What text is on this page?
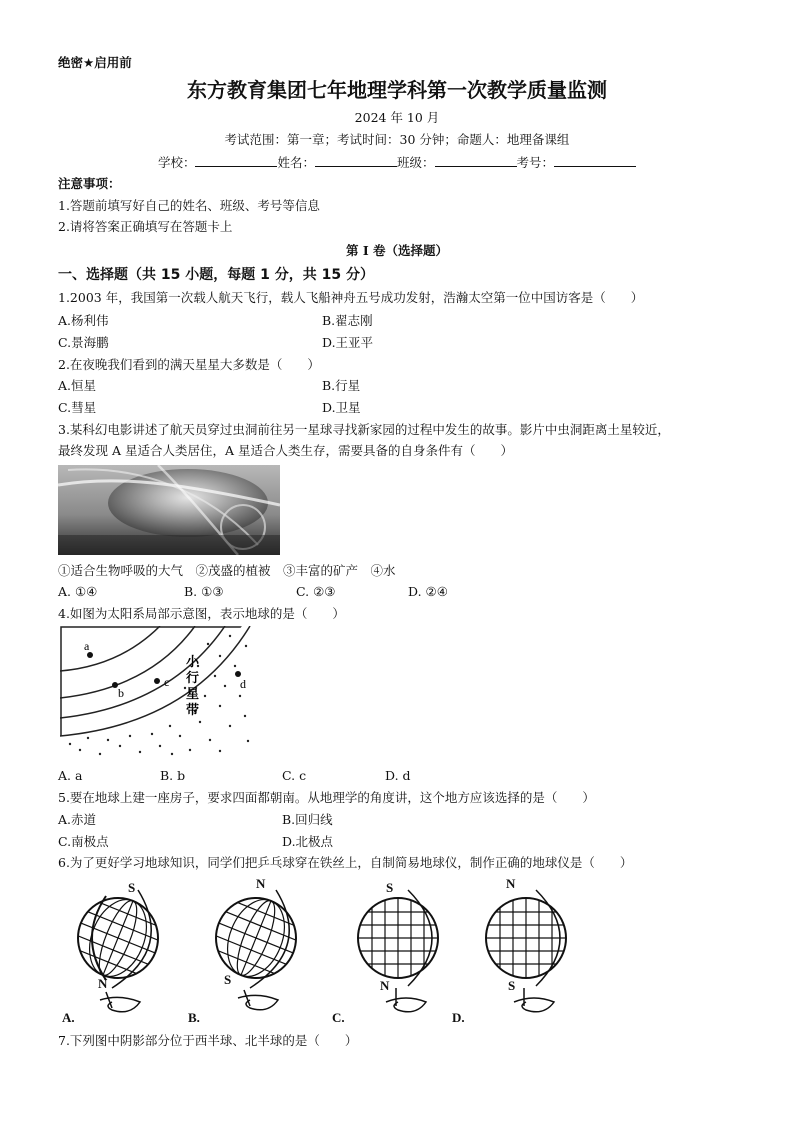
绝密★启用前
东方教育集团七年地理学科第一次教学质量监测
2024 年 10 月
考试范围：第一章；考试时间：30 分钟；命题人：地理备课组
学校：	姓名：	班级：	考号：
注意事项：
1.答题前填写好自己的姓名、班级、考号等信息
2.请将答案正确填写在答题卡上
第 I 卷（选择题）
一、选择题（共 15 小题，每题 1 分，共 15 分）
1.2003 年，我国第一次载人航天飞行，载人飞船神舟五号成功发射，浩瀚太空第一位中国访客是（　　）
A.杨利伟	B.翟志刚
C.景海鹏	D.王亚平
2.在夜晚我们看到的满天星星大多数是（　　）
A.恒星	B.行星
C.彗星	D.卫星
3.某科幻电影讲述了航天员穿过虫洞前往另一星球寻找新家园的过程中发生的故事。影片中虫洞距离土星较近，
最终发现 A 星适合人类居住，A 星适合人类生存，需要具备的自身条件有（　　）
①适合生物呼吸的大气　②茂盛的植被　③丰富的矿产　④水
A. ①④	B. ①③	C. ②③	D. ②④
4.如图为太阳系局部示意图，表示地球的是（　　）
a
b
c	d
小
行
星
带
A. a	B. b	C. c	D. d
5.要在地球上建一座房子，要求四面都朝南。从地理学的角度讲，这个地方应该选择的是（　　）
A.赤道	B.回归线
C.南极点	D.北极点
6.为了更好学习地球知识，同学们把乒乓球穿在铁丝上，自制简易地球仪，制作正确的地球仪是（　　）
S
N
N
S
S
N
N
S
A.	B.	C.	D.
7.下列图中阴影部分位于西半球、北半球的是（　　）
